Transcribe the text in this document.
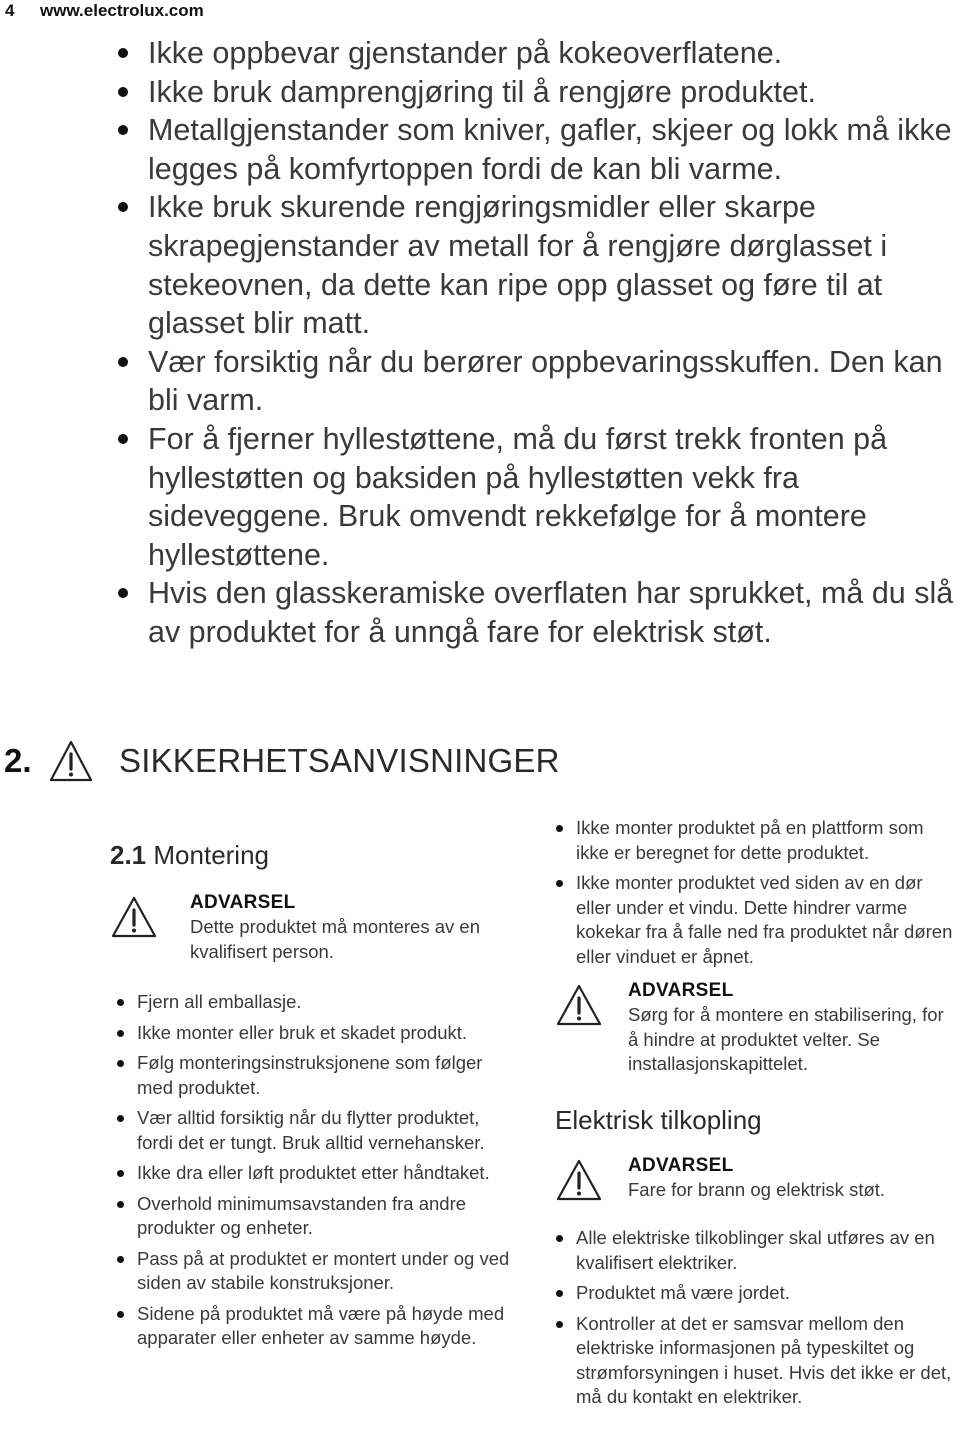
4 www.electrolux.com
Ikke oppbevar gjenstander på kokeoverflatene.
Ikke bruk damprengjøring til å rengjøre produktet.
Metallgjenstander som kniver, gafler, skjeer og lokk må ikke legges på komfyrtoppen fordi de kan bli varme.
Ikke bruk skurende rengjøringsmidler eller skarpe skrapegjenstander av metall for å rengjøre dørglasset i stekeovnen, da dette kan ripe opp glasset og føre til at glasset blir matt.
Vær forsiktig når du berører oppbevaringsskuffen. Den kan bli varm.
For å fjerner hyllestøttene, må du først trekk fronten på hyllestøtten og baksiden på hyllestøtten vekk fra sideveggene. Bruk omvendt rekkefølge for å montere hyllestøttene.
Hvis den glasskeramiske overflaten har sprukket, må du slå av produktet for å unngå fare for elektrisk støt.
2.	SIKKERHETSANVISNINGER
2.1 Montering
ADVARSEL
Dette produktet må monteres av en kvalifisert person.
Fjern all emballasje.
Ikke monter eller bruk et skadet produkt.
Følg monteringsinstruksjonene som følger med produktet.
Vær alltid forsiktig når du flytter produktet, fordi det er tungt. Bruk alltid vernehansker.
Ikke dra eller løft produktet etter håndtaket.
Overhold minimumsavstanden fra andre produkter og enheter.
Pass på at produktet er montert under og ved siden av stabile konstruksjoner.
Sidene på produktet må være på høyde med apparater eller enheter av samme høyde.
Ikke monter produktet på en plattform som ikke er beregnet for dette produktet.
Ikke monter produktet ved siden av en dør eller under et vindu. Dette hindrer varme kokekar fra å falle ned fra produktet når døren eller vinduet er åpnet.
ADVARSEL
Sørg for å montere en stabilisering, for å hindre at produktet velter. Se installasjonskapittelet.
Elektrisk tilkopling
ADVARSEL
Fare for brann og elektrisk støt.
Alle elektriske tilkoblinger skal utføres av en kvalifisert elektriker.
Produktet må være jordet.
Kontroller at det er samsvar mellom den elektriske informasjonen på typeskiltet og strømforsyningen i huset. Hvis det ikke er det, må du kontakt en elektriker.
